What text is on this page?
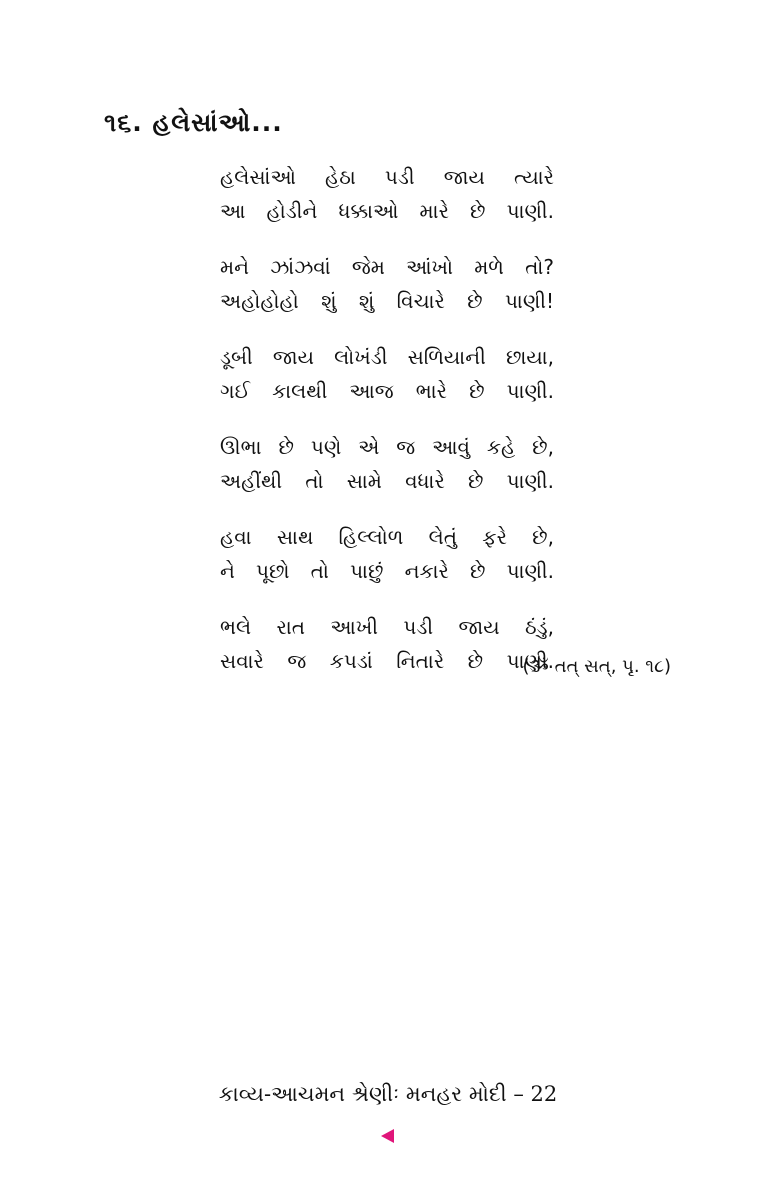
૧૬. હલેસાંઓ...
હલેસાંઓ હેઠા પડી જાય ત્યારે
આ હોડીને ધક્કાઓ મારે છે પાણી.
મને ઝાંઝવાં જેમ આંખો મળે તો?
અહોહોહો શું શું વિચારે છે પાણી!
ડૂબી જાય લોખંડી સળિયાની છાયા,
ગઈ કાલથી આજ ભારે છે પાણી.
ઊભા છે પણે એ જ આવું કહે છે,
અહીંથી તો સામે વધારે છે પાણી.
હવા સાથ હિલ્લોળ લેતું ફરે છે,
ને પૂછો તો પાછું નકારે છે પાણી.
ભલે રાત આખી પડી જાય ઠંડું,
સવારે જ કપડાં નિતારે છે પાણી.
(ૐ તત્ સત્, પૃ. ૧૮)
કાવ્ય-આચમન શ્રેણીઃ મનહર મોદી – 22
